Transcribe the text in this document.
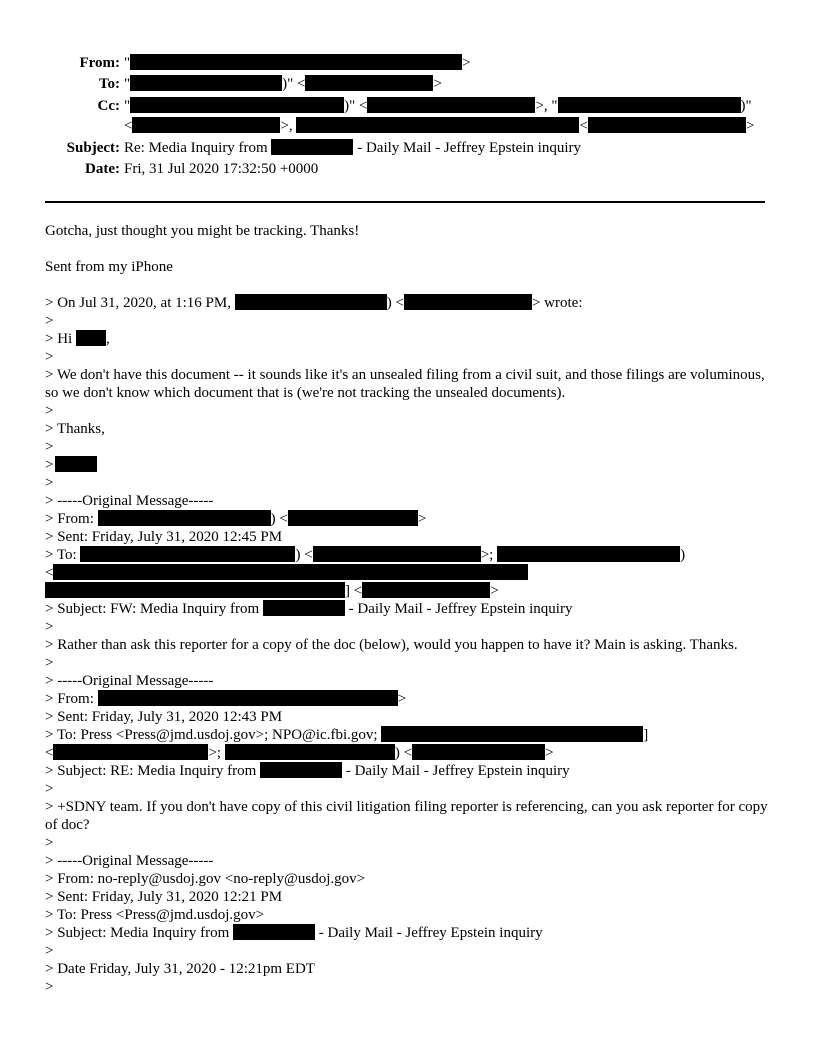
From: "	>
To: "	)" <	>
Cc: "	)" <	>, "	)"
<	>,	<	>
Subject: Re: Media Inquiry from	- Daily Mail - Jeffrey Epstein inquiry
Date: Fri, 31 Jul 2020 17:32:50 +0000
Gotcha, just thought you might be tracking. Thanks!
Sent from my iPhone
> On Jul 31, 2020, at 1:16 PM,	) <	> wrote:
>
> Hi ,
>
> We don't have this document -- it sounds like it's an unsealed filing from a civil suit, and those filings are voluminous, so we don't know which document that is (we're not tracking the unsealed documents).
>
> Thanks,
>
>
>
> -----Original Message-----
> From:	) <	>
> Sent: Friday, July 31, 2020 12:45 PM
> To:	) <	>;	)
<
] <	>
> Subject: FW: Media Inquiry from	- Daily Mail - Jeffrey Epstein inquiry
>
> Rather than ask this reporter for a copy of the doc (below), would you happen to have it? Main is asking. Thanks.
>
> -----Original Message-----
> From:	>
> Sent: Friday, July 31, 2020 12:43 PM
> To: Press <Press@jmd.usdoj.gov>; NPO@ic.fbi.gov;	]
<	>;	) <	>
> Subject: RE: Media Inquiry from	- Daily Mail - Jeffrey Epstein inquiry
>
> +SDNY team. If you don't have copy of this civil litigation filing reporter is referencing, can you ask reporter for copy of doc?
>
> -----Original Message-----
> From: no-reply@usdoj.gov <no-reply@usdoj.gov>
> Sent: Friday, July 31, 2020 12:21 PM
> To: Press <Press@jmd.usdoj.gov>
> Subject: Media Inquiry from	- Daily Mail - Jeffrey Epstein inquiry
>
> Date Friday, July 31, 2020 - 12:21pm EDT
>
